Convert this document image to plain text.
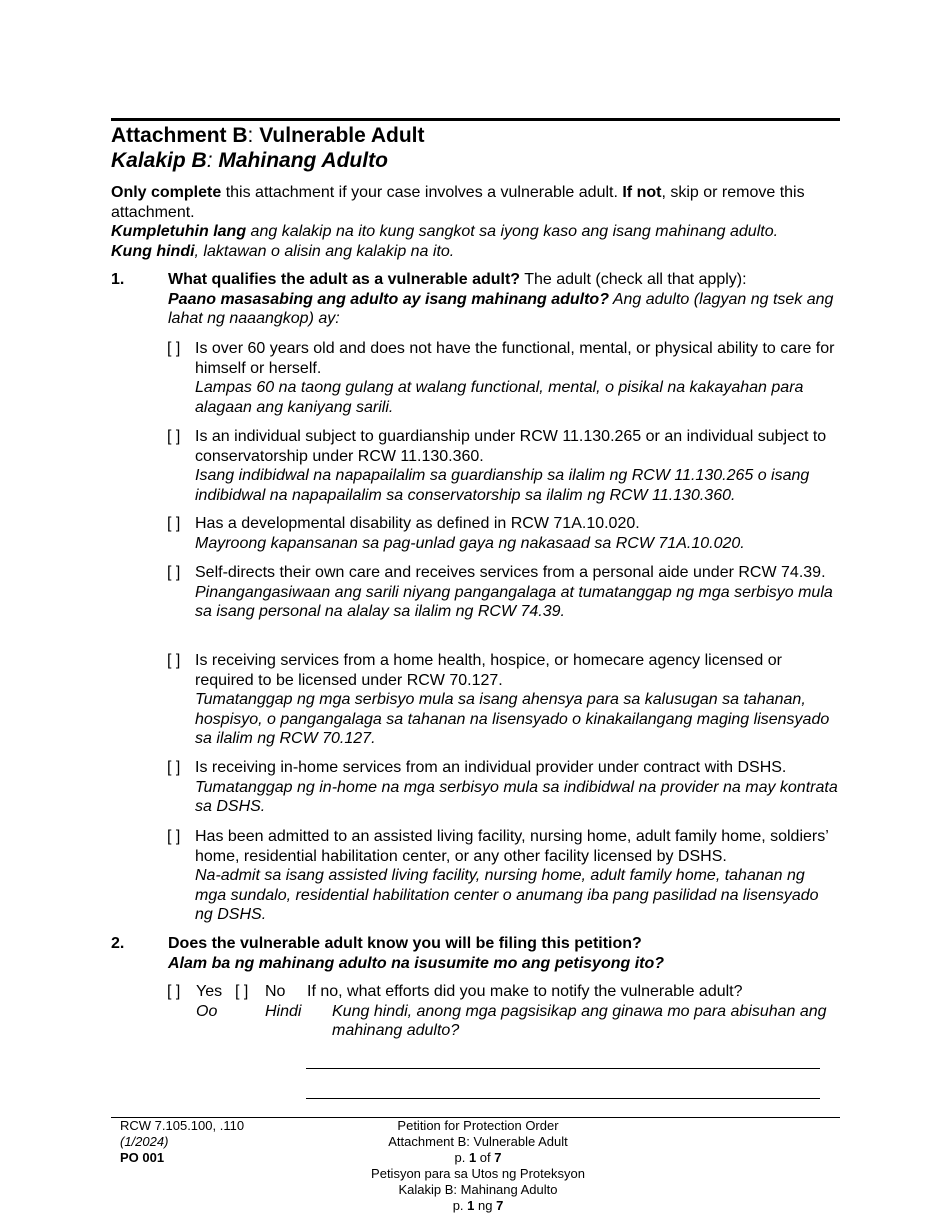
Attachment B: Vulnerable Adult
Kalakip B: Mahinang Adulto

Only complete this attachment if your case involves a vulnerable adult. If not, skip or remove this attachment.

Kumpletuhin lang ang kalakip na ito kung sangkot sa iyong kaso ang isang mahinang adulto.

Kung hindi, laktawan o alisin ang kalakip na ito.

1.	What qualifies the adult as a vulnerable adult? The adult (check all that apply):
Paano masasabing ang adulto ay isang mahinang adulto? Ang adulto (lagyan ng tsek ang lahat ng naaangkop) ay:
[ ] Is over 60 years old and does not have the functional, mental, or physical ability to care for himself or herself.
Lampas 60 na taong gulang at walang functional, mental, o pisikal na kakayahan para alagaan ang kaniyang sarili.
[ ] Is an individual subject to guardianship under RCW 11.130.265 or an individual subject to conservatorship under RCW 11.130.360.
Isang indibidwal na napapailalim sa guardianship sa ilalim ng RCW 11.130.265 o isang indibidwal na napapailalim sa conservatorship sa ilalim ng RCW 11.130.360.
[ ] Has a developmental disability as defined in RCW 71A.10.020.
Mayroong kapansanan sa pag-unlad gaya ng nakasaad sa RCW 71A.10.020.
[ ] Self-directs their own care and receives services from a personal aide under RCW 74.39.
Pinangangasiwaan ang sarili niyang pangangalaga at tumatanggap ng mga serbisyo mula sa isang personal na alalay sa ilalim ng RCW 74.39.
[ ] Is receiving services from a home health, hospice, or homecare agency licensed or required to be licensed under RCW 70.127.
Tumatanggap ng mga serbisyo mula sa isang ahensya para sa kalusugan sa tahanan, hospisyo, o pangangalaga sa tahanan na lisensyado o kinakailangang maging lisensyado sa ilalim ng RCW 70.127.
[ ] Is receiving in-home services from an individual provider under contract with DSHS.
Tumatanggap ng in-home na mga serbisyo mula sa indibidwal na provider na may kontrata sa DSHS.
[ ] Has been admitted to an assisted living facility, nursing home, adult family home, soldiers’ home, residential habilitation center, or any other facility licensed by DSHS.
Na-admit sa isang assisted living facility, nursing home, adult family home, tahanan ng mga sundalo, residential habilitation center o anumang iba pang pasilidad na lisensyado ng DSHS.
2.	Does the vulnerable adult know you will be filing this petition?
Alam ba ng mahinang adulto na isusumite mo ang petisyong ito?
[ ] Yes
Oo
[ ] No
Hindi
If no, what efforts did you make to notify the vulnerable adult?
Kung hindi, anong mga pagsisikap ang ginawa mo para abisuhan ang mahinang adulto?
RCW 7.105.100, .110
(1/2024)
PO 001
Petition for Protection Order
Attachment B: Vulnerable Adult
p. 1 of 7
Petisyon para sa Utos ng Proteksyon
Kalakip B: Mahinang Adulto
p. 1 ng 7
